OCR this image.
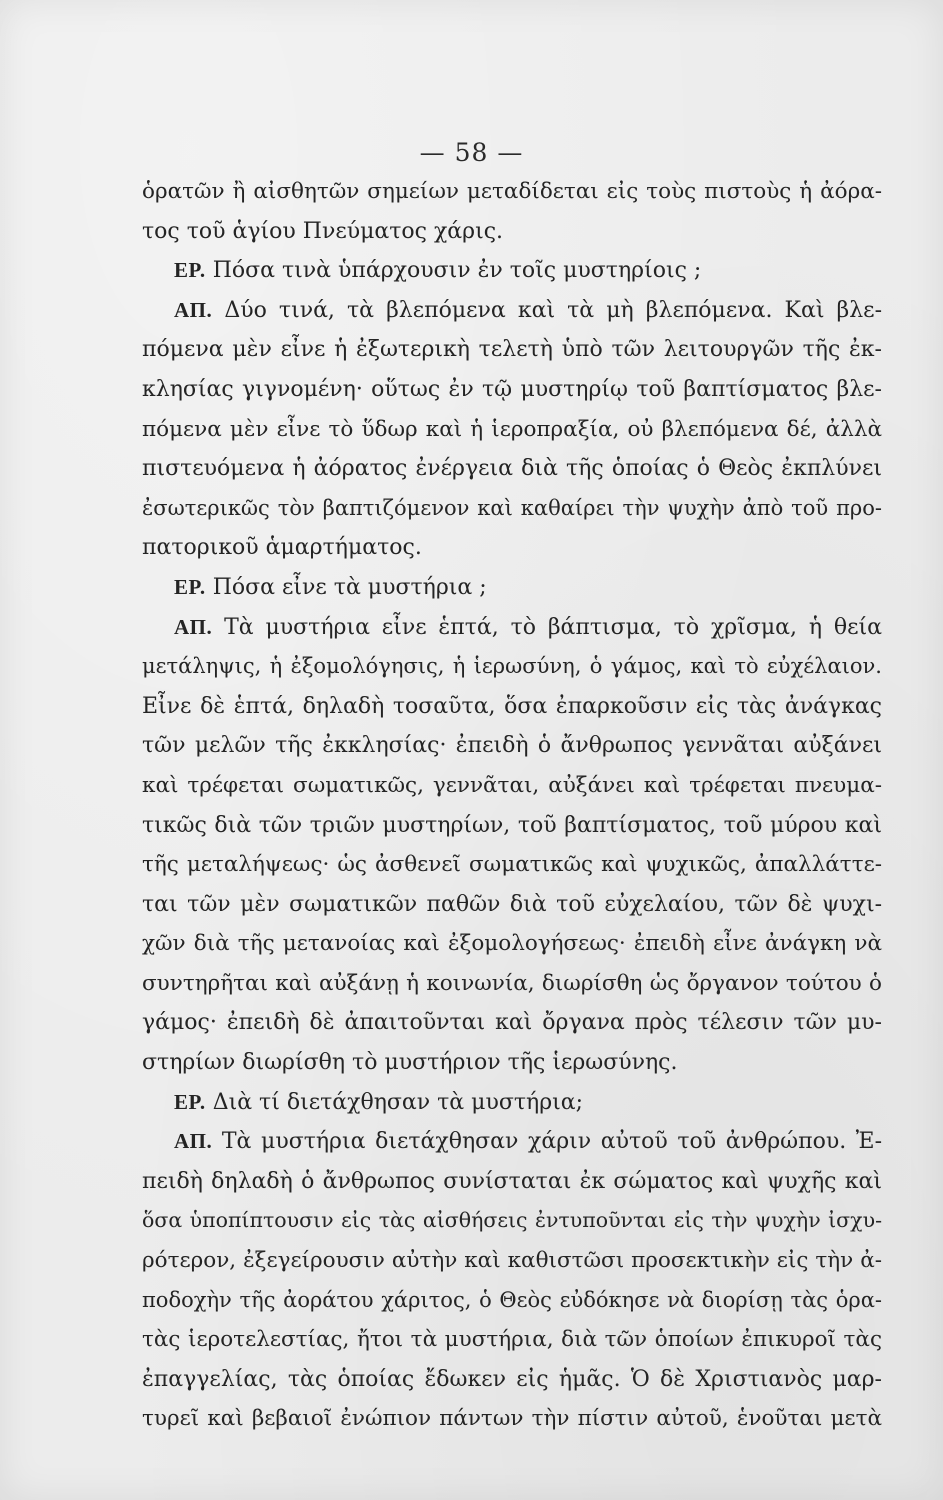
— 58 —
ὁρατῶν ἢ αἰσθητῶν σημείων μεταδίδεται εἰς τοὺς πιστοὺς ἡ ἀόρα-
τος τοῦ ἁγίου Πνεύματος χάρις.
ΕΡ. Πόσα τινὰ ὑπάρχουσιν ἐν τοῖς μυστηρίοις ;
ΑΠ. Δύο τινά, τὰ βλεπόμενα καὶ τὰ μὴ βλεπόμενα. Καὶ βλε-
πόμενα μὲν εἶνε ἡ ἐξωτερικὴ τελετὴ ὑπὸ τῶν λειτουργῶν τῆς ἐκ-
κλησίας γιγνομένη· οὕτως ἐν τῷ μυστηρίῳ τοῦ βαπτίσματος βλε-
πόμενα μὲν εἶνε τὸ ὕδωρ καὶ ἡ ἱεροπραξία, οὐ βλεπόμενα δέ, ἀλλὰ
πιστευόμενα ἡ ἀόρατος ἐνέργεια διὰ τῆς ὁποίας ὁ Θεὸς ἐκπλύνει
ἐσωτερικῶς τὸν βαπτιζόμενον καὶ καθαίρει τὴν ψυχὴν ἀπὸ τοῦ προ-
πατορικοῦ ἁμαρτήματος.
ΕΡ. Πόσα εἶνε τὰ μυστήρια ;
ΑΠ. Τὰ μυστήρια εἶνε ἑπτά, τὸ βάπτισμα, τὸ χρῖσμα, ἡ θεία
μετάληψις, ἡ ἐξομολόγησις, ἡ ἱερωσύνη, ὁ γάμος, καὶ τὸ εὐχέλαιον.
Εἶνε δὲ ἑπτά, δηλαδὴ τοσαῦτα, ὅσα ἐπαρκοῦσιν εἰς τὰς ἀνάγκας
τῶν μελῶν τῆς ἐκκλησίας· ἐπειδὴ ὁ ἄνθρωπος γεννᾶται αὐξάνει
καὶ τρέφεται σωματικῶς, γεννᾶται, αὐξάνει καὶ τρέφεται πνευμα-
τικῶς διὰ τῶν τριῶν μυστηρίων, τοῦ βαπτίσματος, τοῦ μύρου καὶ
τῆς μεταλήψεως· ὡς ἀσθενεῖ σωματικῶς καὶ ψυχικῶς, ἀπαλλάττε-
ται τῶν μὲν σωματικῶν παθῶν διὰ τοῦ εὐχελαίου, τῶν δὲ ψυχι-
χῶν διὰ τῆς μετανοίας καὶ ἐξομολογήσεως· ἐπειδὴ εἶνε ἀνάγκη νὰ
συντηρῆται καὶ αὐξάνῃ ἡ κοινωνία, διωρίσθη ὡς ὄργανον τούτου ὁ
γάμος· ἐπειδὴ δὲ ἀπαιτοῦνται καὶ ὄργανα πρὸς τέλεσιν τῶν μυ-
στηρίων διωρίσθη τὸ μυστήριον τῆς ἱερωσύνης.
ΕΡ. Διὰ τί διετάχθησαν τὰ μυστήρια;
ΑΠ. Τὰ μυστήρια διετάχθησαν χάριν αὐτοῦ τοῦ ἀνθρώπου. Ἐ-
πειδὴ δηλαδὴ ὁ ἄνθρωπος συνίσταται ἐκ σώματος καὶ ψυχῆς καὶ
ὅσα ὑποπίπτουσιν εἰς τὰς αἰσθήσεις ἐντυποῦνται εἰς τὴν ψυχὴν ἰσχυ-
ρότερον, ἐξεγείρουσιν αὐτὴν καὶ καθιστῶσι προσεκτικὴν εἰς τὴν ἀ-
ποδοχὴν τῆς ἀοράτου χάριτος, ὁ Θεὸς εὐδόκησε νὰ διορίσῃ τὰς ὁρα-
τὰς ἱεροτελεστίας, ἤτοι τὰ μυστήρια, διὰ τῶν ὁποίων ἐπικυροῖ τὰς
ἐπαγγελίας, τὰς ὁποίας ἔδωκεν εἰς ἡμᾶς. Ὁ δὲ Χριστιανὸς μαρ-
τυρεῖ καὶ βεβαιοῖ ἐνώπιον πάντων τὴν πίστιν αὐτοῦ, ἑνοῦται μετὰ
